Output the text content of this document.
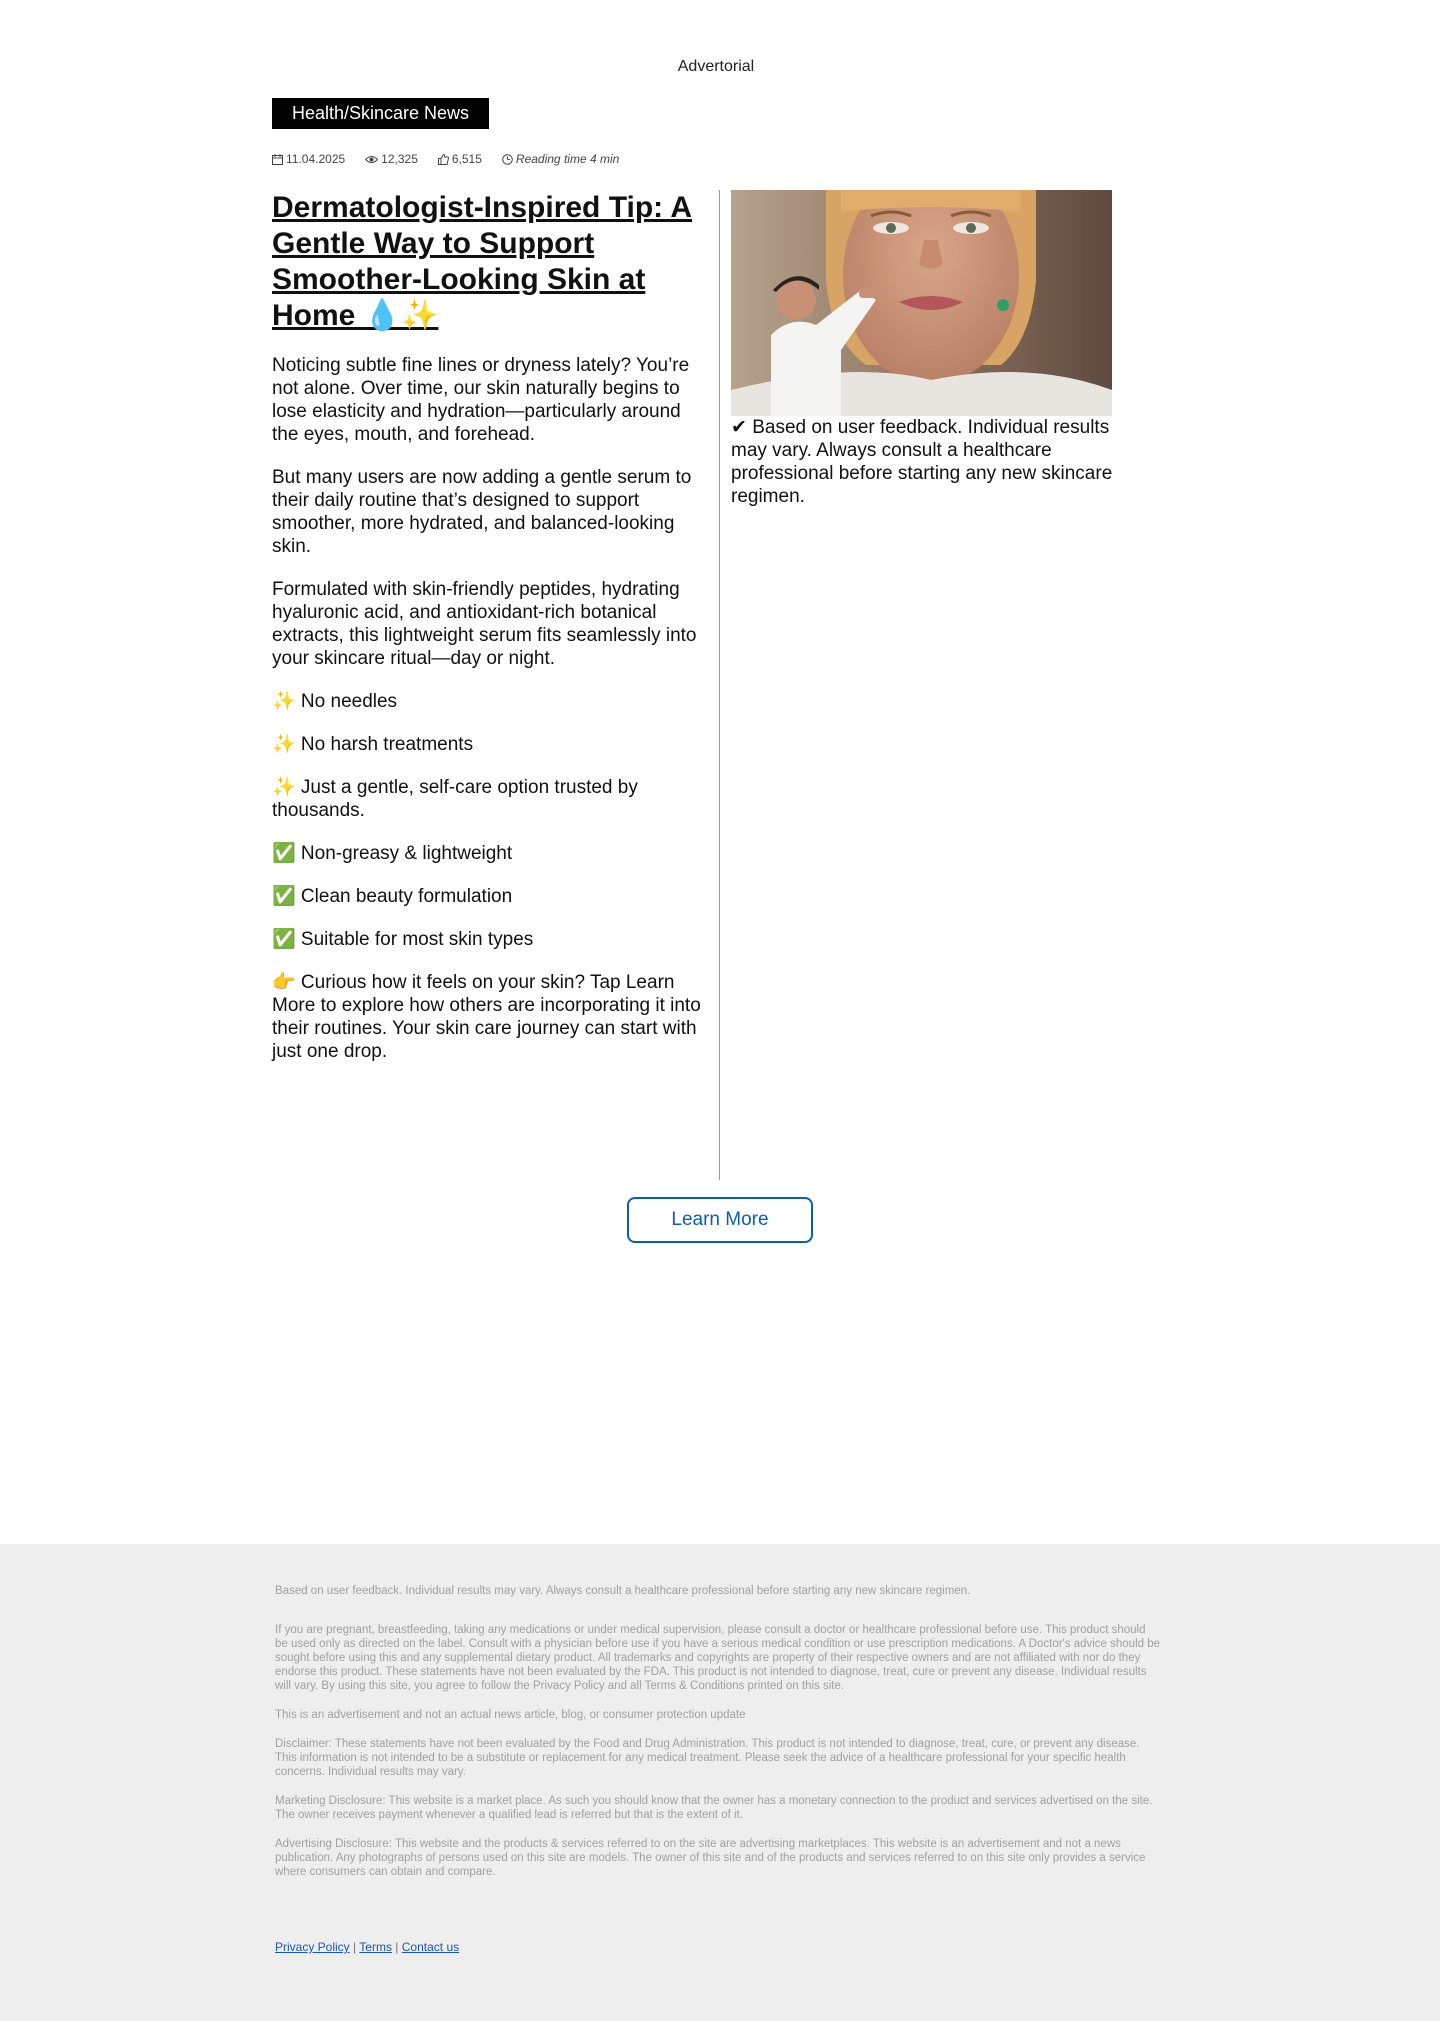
Advertorial
Health/Skincare News
11.04.2025	12,325	6,515	Reading time 4 min
Dermatologist-Inspired Tip: A Gentle Way to Support Smoother-Looking Skin at Home 💧✨

Noticing subtle fine lines or dryness lately? You’re not alone. Over time, our skin naturally begins to lose elasticity and hydration—particularly around the eyes, mouth, and forehead.

But many users are now adding a gentle serum to their daily routine that’s designed to support smoother, more hydrated, and balanced-looking skin.

Formulated with skin-friendly peptides, hydrating hyaluronic acid, and antioxidant-rich botanical extracts, this lightweight serum fits seamlessly into your skincare ritual—day or night.

✨ No needles

✨ No harsh treatments

✨ Just a gentle, self-care option trusted by thousands.

✅ Non-greasy & lightweight

✅ Clean beauty formulation

✅ Suitable for most skin types

👉 Curious how it feels on your skin? Tap Learn More to explore how others are incorporating it into their routines. Your skin care journey can start with just one drop.

✔ Based on user feedback. Individual results may vary. Always consult a healthcare professional before starting any new skincare regimen.

Learn More

Based on user feedback. Individual results may vary. Always consult a healthcare professional before starting any new skincare regimen.

If you are pregnant, breastfeeding, taking any medications or under medical supervision, please consult a doctor or healthcare professional before use. This product should be used only as directed on the label. Consult with a physician before use if you have a serious medical condition or use prescription medications. A Doctor's advice should be sought before using this and any supplemental dietary product. All trademarks and copyrights are property of their respective owners and are not affiliated with nor do they endorse this product. These statements have not been evaluated by the FDA. This product is not intended to diagnose, treat, cure or prevent any disease. Individual results will vary. By using this site, you agree to follow the Privacy Policy and all Terms & Conditions printed on this site.

This is an advertisement and not an actual news article, blog, or consumer protection update

Disclaimer: These statements have not been evaluated by the Food and Drug Administration. This product is not intended to diagnose, treat, cure, or prevent any disease. This information is not intended to be a substitute or replacement for any medical treatment. Please seek the advice of a healthcare professional for your specific health concerns. Individual results may vary.

Marketing Disclosure: This website is a market place. As such you should know that the owner has a monetary connection to the product and services advertised on the site. The owner receives payment whenever a qualified lead is referred but that is the extent of it.

Advertising Disclosure: This website and the products & services referred to on the site are advertising marketplaces. This website is an advertisement and not a news publication. Any photographs of persons used on this site are models. The owner of this site and of the products and services referred to on this site only provides a service where consumers can obtain and compare.

Privacy Policy | Terms | Contact us
